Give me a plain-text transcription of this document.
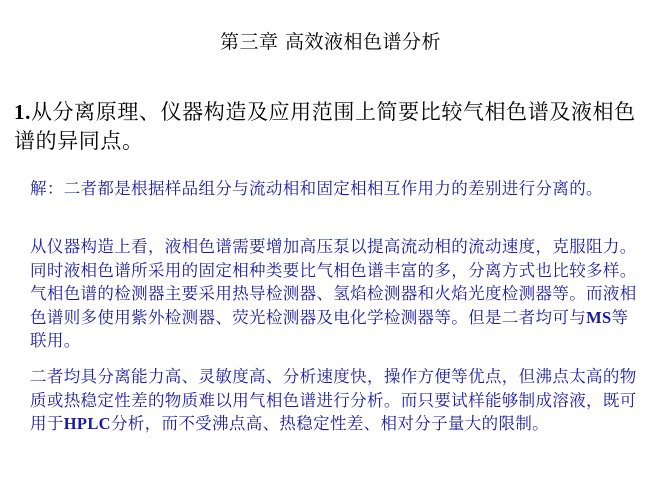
第三章 高效液相色谱分析
1.从分离原理、仪器构造及应用范围上简要比较气相色谱及液相色谱的异同点。
解：二者都是根据样品组分与流动相和固定相相互作用力的差别进行分离的。
从仪器构造上看，液相色谱需要增加高压泵以提高流动相的流动速度，克服阻力。同时液相色谱所采用的固定相种类要比气相色谱丰富的多，分离方式也比较多样。气相色谱的检测器主要采用热导检测器、氢焰检测器和火焰光度检测器等。而液相色谱则多使用紫外检测器、荧光检测器及电化学检测器等。但是二者均可与MS等联用。
二者均具分离能力高、灵敏度高、分析速度快，操作方便等优点，但沸点太高的物质或热稳定性差的物质难以用气相色谱进行分析。而只要试样能够制成溶液，既可用于HPLC分析，而不受沸点高、热稳定性差、相对分子量大的限制。
